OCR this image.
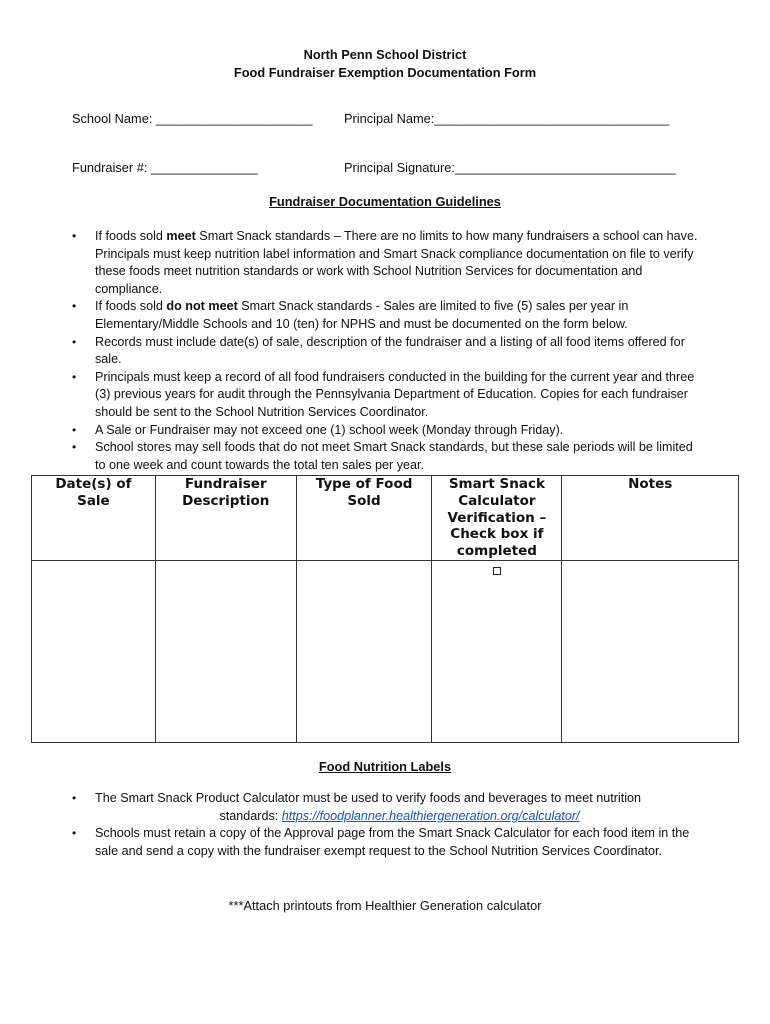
North Penn School District
Food Fundraiser Exemption Documentation Form
School Name: ______________________ Principal Name:_________________________________
Fundraiser #: _______________	Principal Signature:_______________________________
Fundraiser Documentation Guidelines
• If foods sold meet Smart Snack standards – There are no limits to how many fundraisers a school can have. Principals must keep nutrition label information and Smart Snack compliance documentation on file to verify these foods meet nutrition standards or work with School Nutrition Services for documentation and compliance.
• If foods sold do not meet Smart Snack standards - Sales are limited to five (5) sales per year in Elementary/Middle Schools and 10 (ten) for NPHS and must be documented on the form below.
• Records must include date(s) of sale, description of the fundraiser and a listing of all food items offered for sale.
• Principals must keep a record of all food fundraisers conducted in the building for the current year and three (3) previous years for audit through the Pennsylvania Department of Education. Copies for each fundraiser should be sent to the School Nutrition Services Coordinator.
• A Sale or Fundraiser may not exceed one (1) school week (Monday through Friday).
• School stores may sell foods that do not meet Smart Snack standards, but these sale periods will be limited to one week and count towards the total ten sales per year.
Date(s) of Sale	Fundraiser Description	Type of Food Sold	Smart Snack Calculator Verification – Check box if completed	Notes

Food Nutrition Labels
• The Smart Snack Product Calculator must be used to verify foods and beverages to meet nutrition
standards: https://foodplanner.healthiergeneration.org/calculator/
• Schools must retain a copy of the Approval page from the Smart Snack Calculator for each food item in the sale and send a copy with the fundraiser exempt request to the School Nutrition Services Coordinator.
***Attach printouts from Healthier Generation calculator
